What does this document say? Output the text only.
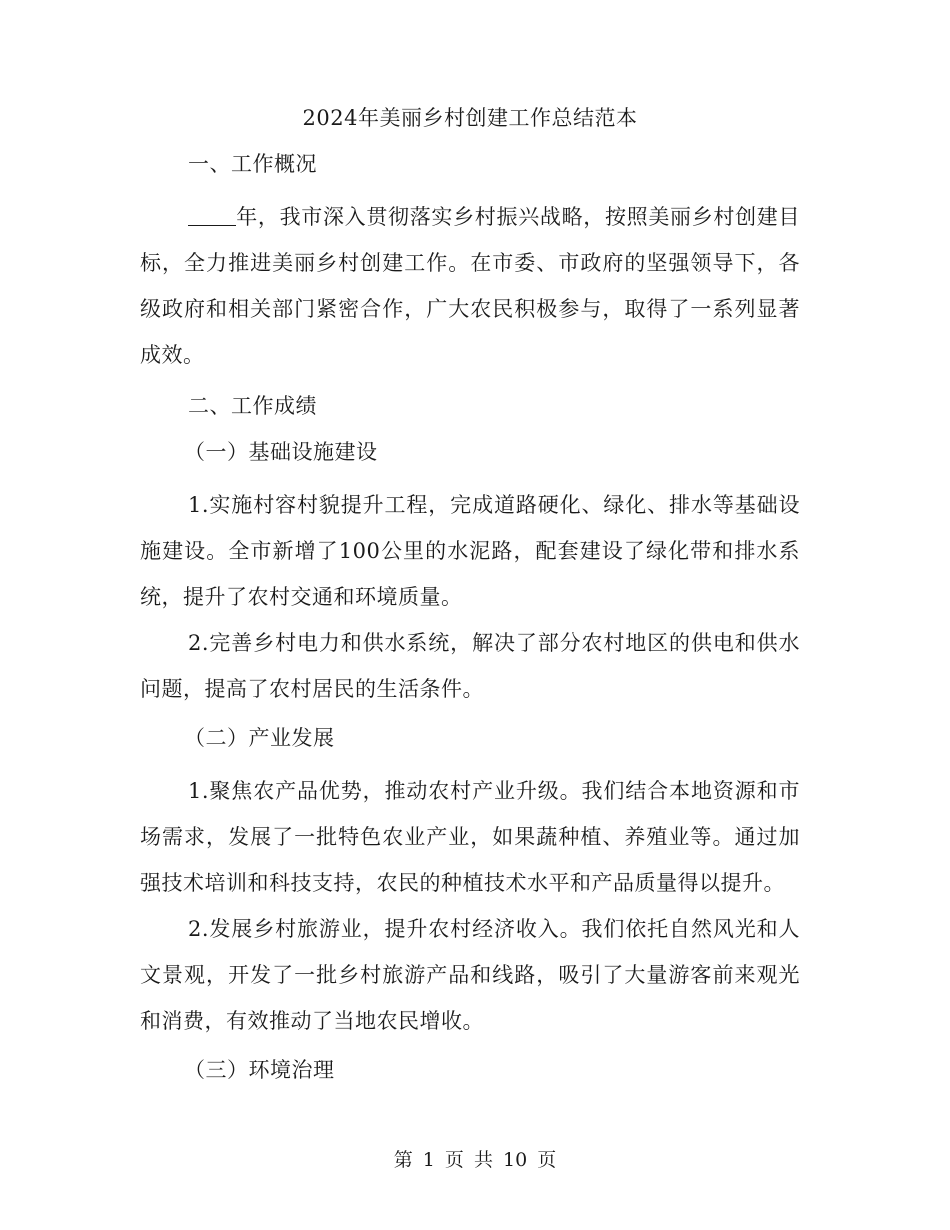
2024年美丽乡村创建工作总结范本
一、工作概况

年，我市深入贯彻落实乡村振兴战略，按照美丽乡村创建目标，全力推进美丽乡村创建工作。在市委、市政府的坚强领导下，各级政府和相关部门紧密合作，广大农民积极参与，取得了一系列显著成效。

二、工作成绩
（一）基础设施建设

1.实施村容村貌提升工程，完成道路硬化、绿化、排水等基础设施建设。全市新增了100公里的水泥路，配套建设了绿化带和排水系统，提升了农村交通和环境质量。

2.完善乡村电力和供水系统，解决了部分农村地区的供电和供水问题，提高了农村居民的生活条件。

（二）产业发展

1.聚焦农产品优势，推动农村产业升级。我们结合本地资源和市场需求，发展了一批特色农业产业，如果蔬种植、养殖业等。通过加强技术培训和科技支持，农民的种植技术水平和产品质量得以提升。

2.发展乡村旅游业，提升农村经济收入。我们依托自然风光和人文景观，开发了一批乡村旅游产品和线路，吸引了大量游客前来观光和消费，有效推动了当地农民增收。

（三）环境治理
第 1 页 共 10 页
